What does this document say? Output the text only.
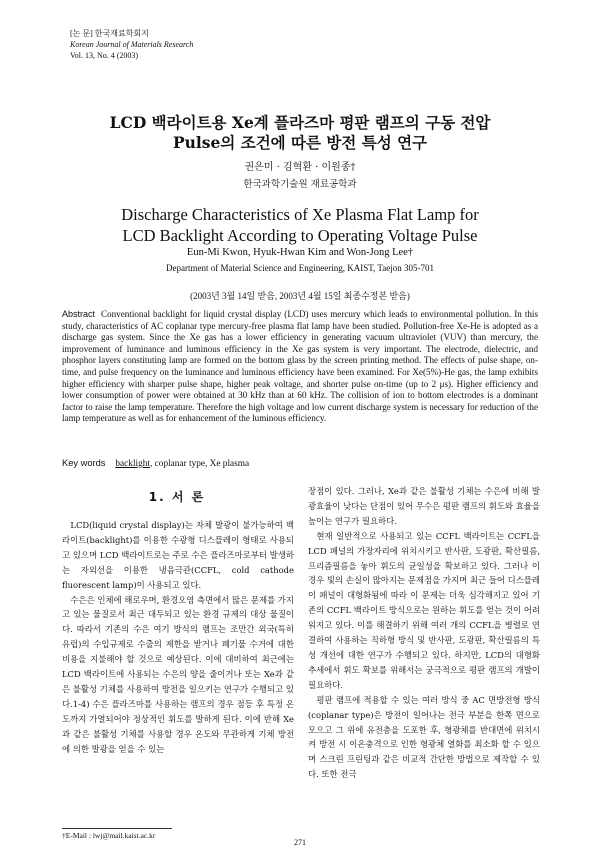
[논 문] 한국재료학회지
Korean Journal of Materials Research
Vol. 13, No. 4 (2003)
LCD 백라이트용 Xe계 플라즈마 평판 램프의 구동 전압
Pulse의 조건에 따른 방전 특성 연구
권은미 · 김혁환 · 이원종†
한국과학기술원 재료공학과
Discharge Characteristics of Xe Plasma Flat Lamp for
LCD Backlight According to Operating Voltage Pulse
Eun-Mi Kwon, Hyuk-Hwan Kim and Won-Jong Lee†
Department of Material Science and Engineering, KAIST, Taejon 305-701
(2003년 3월 14일 받음, 2003년 4월 15일 최종수정본 받음)
Abstract Conventional backlight for liquid crystal display (LCD) uses mercury which leads to environmental pollution. In this study, characteristics of AC coplanar type mercury-free plasma flat lamp have been studied. Pollution-free Xe-He is adopted as a discharge gas system. Since the Xe gas has a lower efficiency in generating vacuum ultraviolet (VUV) than mercury, the improvement of luminance and luminous efficiency in the Xe gas system is very important. The electrode, dielectric, and phosphor layers constituting lamp are formed on the bottom glass by the screen printing method. The effects of pulse shape, on-time, and pulse frequency on the luminance and luminous efficiency have been examined. For Xe(5%)-He gas, the lamp exhibits higher efficiency with sharper pulse shape, higher peak voltage, and shorter pulse on-time (up to 2 μs). Higher efficiency and lower consumption of power were obtained at 30 kHz than at 60 kHz. The collision of ion to bottom electrodes is a dominant factor to raise the lamp temperature. Therefore the high voltage and low current discharge system is necessary for reduction of the lamp temperature as well as for enhancement of the luminous efficiency.
Key words backlight, coplanar type, Xe plasma
1. 서 론

LCD(liquid crystal display)는 자체 발광이 불가능하여 백라이트(backlight)를 이용한 수광형 디스플레이 형태로 사용되고 있으며 LCD 백라이트로는 주로 수은 플라즈마로부터 발생하는 자외선을 이용한 냉음극관(CCFL, cold cathode fluorescent lamp)이 사용되고 있다.

수은은 인체에 해로우며, 환경오염 측면에서 많은 문제를 가지고 있는 물질로서 최근 대두되고 있는 환경 규제의 대상 물질이다. 따라서 기존의 수은 여기 방식의 램프는 조만간 외국(특히 유럽)의 수입규제로 수출의 제한을 받거나 폐기물 수거에 대한 비용을 지불해야 할 것으로 예상된다. 이에 대비하여 최근에는 LCD 백라이트에 사용되는 수은의 양을 줄이거나 또는 Xe과 같은 불활성 기체를 사용하여 방전을 일으키는 연구가 수행되고 있다.1-4) 수은 플라즈마를 사용하는 램프의 경우 점등 후 특정 온도까지 가열되어야 정상적인 휘도를 발하게 된다. 이에 반해 Xe과 같은 불활성 기체를 사용할 경우 온도와 무관하게 기체 방전에 의한 발광을 얻을 수 있는

장점이 있다. 그러나, Xe과 같은 불활성 기체는 수은에 비해 발광효율이 낮다는 단점이 있어 무수은 평판 램프의 휘도와 효율을 높이는 연구가 필요하다.

현재 일반적으로 사용되고 있는 CCFL 백라이트는 CCFL을 LCD 패널의 가장자리에 위치시키고 반사판, 도광판, 확산필름, 프리즘필름을 놓아 휘도의 균일성을 확보하고 있다. 그러나 이 경우 빛의 손실이 많아지는 문제점을 가지며 최근 들어 디스플레이 패널이 대형화됨에 따라 이 문제는 더욱 심각해지고 있어 기존의 CCFL 백라이트 방식으로는 원하는 휘도를 얻는 것이 어려워지고 있다. 이를 해결하기 위해 여러 개의 CCFL을 병렬로 연결하여 사용하는 직하형 방식 및 반사판, 도광판, 확산필름의 특성 개선에 대한 연구가 수행되고 있다. 하지만, LCD의 대형화 추세에서 휘도 확보를 위해서는 궁극적으로 평판 램프의 개발이 필요하다.

평판 램프에 적용할 수 있는 여러 방식 중 AC 면방전형 방식(coplanar type)은 방전이 일어나는 전극 부분을 한쪽 면으로 모으고 그 위에 유전층을 도포한 후, 형광체를 반대면에 위치시켜 방전 시 이온충격으로 인한 형광체 열화를 최소화 할 수 있으며 스크린 프린팅과 같은 비교적 간단한 방법으로 제작할 수 있다. 또한 전극

†E-Mail : lwj@mail.kaist.ac.kr
271
